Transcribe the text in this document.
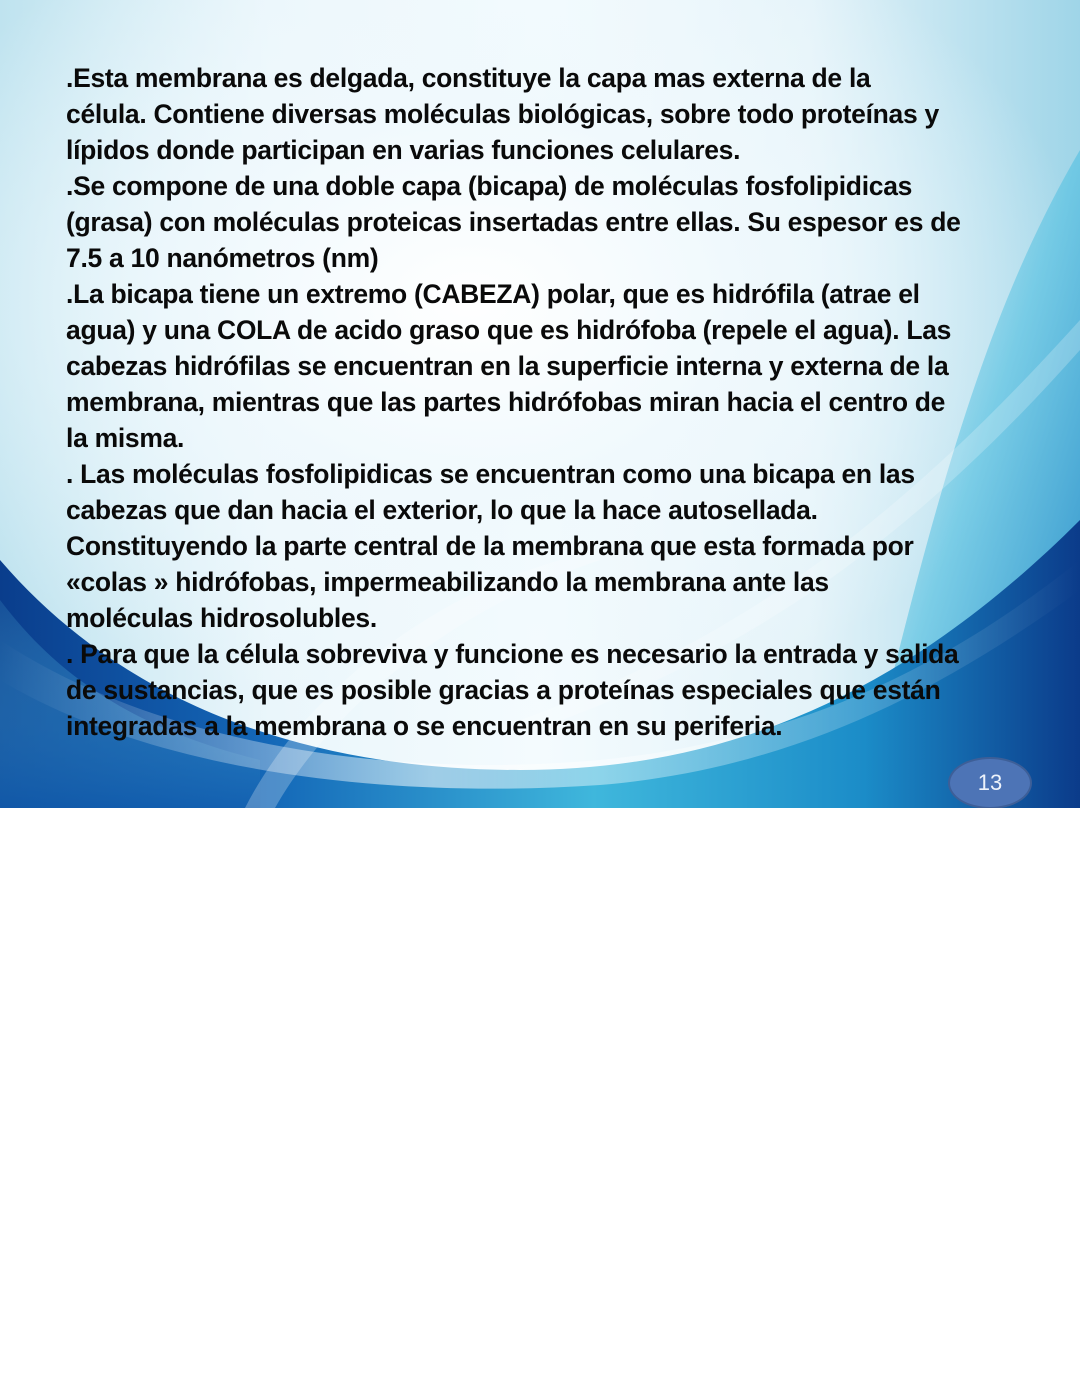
.Esta membrana es delgada, constituye la capa mas externa de la
célula. Contiene diversas moléculas biológicas, sobre todo proteínas y
lípidos donde participan en varias funciones celulares.
.Se compone de una doble capa (bicapa) de moléculas fosfolipidicas
(grasa) con moléculas proteicas insertadas entre ellas. Su espesor es de
7.5 a 10 nanómetros (nm)
.La bicapa tiene un extremo (CABEZA) polar, que es hidrófila (atrae el
agua) y una COLA de acido graso que es hidrófoba (repele el agua). Las
cabezas hidrófilas se encuentran en la superficie interna y externa de la
membrana, mientras que las partes hidrófobas miran hacia el centro de
la misma.
. Las moléculas fosfolipidicas se encuentran como una bicapa en las
cabezas que dan hacia el exterior, lo que la hace autosellada.
Constituyendo la parte central de la membrana que esta formada por
«colas » hidrófobas, impermeabilizando la membrana ante las
moléculas hidrosolubles.
. Para que la célula sobreviva y funcione es necesario la entrada y salida
de sustancias, que es posible gracias a proteínas especiales que están
integradas a la membrana o se encuentran en su periferia.
13
